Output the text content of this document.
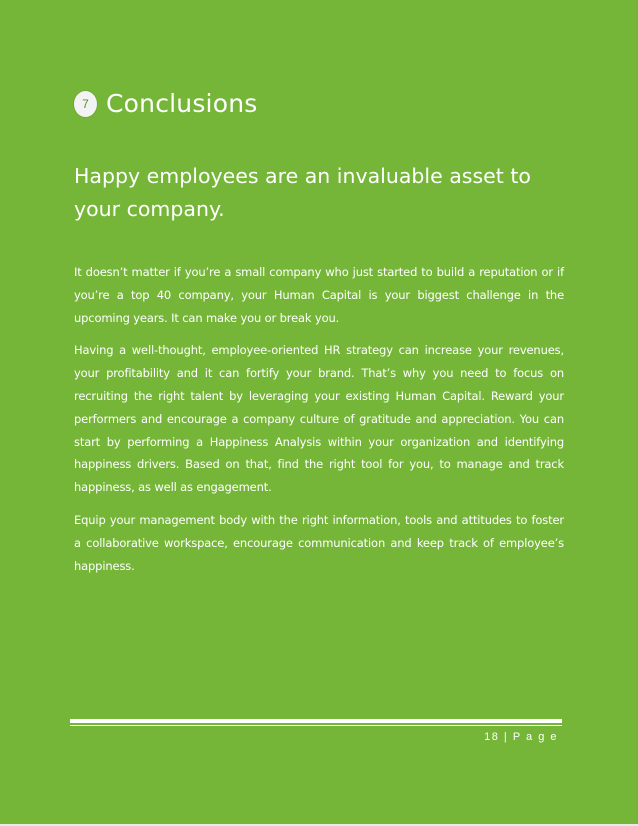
7 Conclusions
Happy employees are an invaluable asset to your company.

It doesn’t matter if you’re a small company who just started to build a reputation or if you’re a top 40 company, your Human Capital is your biggest challenge in the upcoming years. It can make you or break you.

Having a well-thought, employee-oriented HR strategy can increase your revenues, your profitability and it can fortify your brand. That’s why you need to focus on recruiting the right talent by leveraging your existing Human Capital. Reward your performers and encourage a company culture of gratitude and appreciation. You can start by performing a Happiness Analysis within your organization and identifying happiness drivers. Based on that, find the right tool for you, to manage and track happiness, as well as engagement.

Equip your management body with the right information, tools and attitudes to foster a collaborative workspace, encourage communication and keep track of employee’s happiness.

18 | P a g e
